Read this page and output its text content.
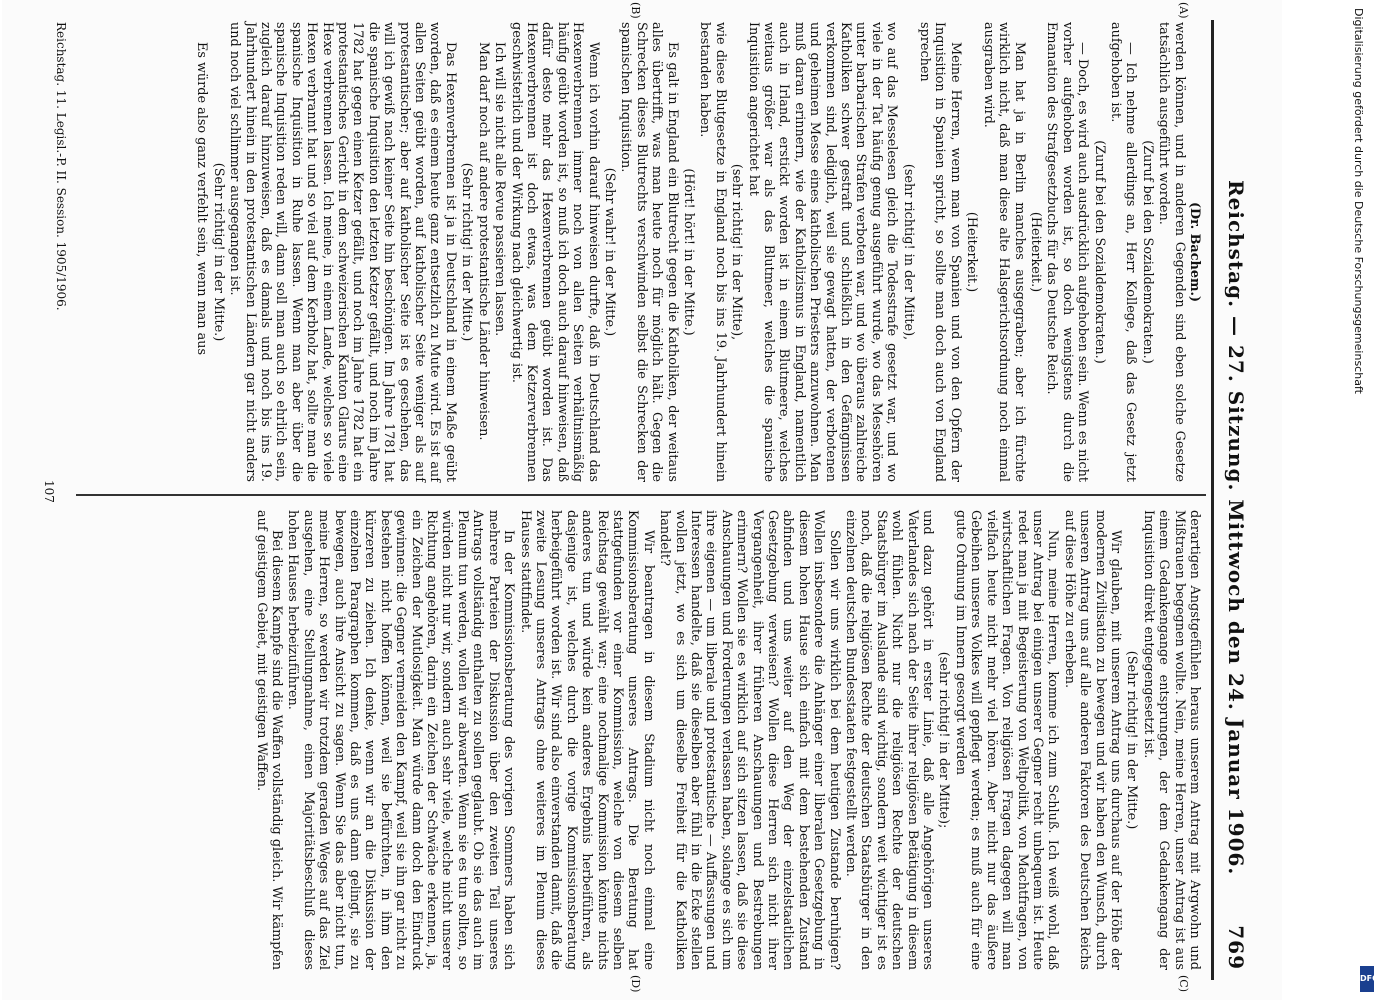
Reichstag. — 27. Sitzung. Mittwoch den 24. Januar 1906.
769
(A)
(B)
(C)
(D)
(Dr. Bachem.)

werden können, und in anderen Gegenden sind eben solche Gesetze tatsächlich ausgeführt worden.

(Zuruf bei den Sozialdemokraten.)

— Ich nehme allerdings an, Herr Kollege, daß das Gesetz jetzt aufgehoben ist.

(Zuruf bei den Sozialdemokraten.)

— Doch, es wird auch ausdrücklich aufgehoben sein. Wenn es nicht vorher aufgehoben worden ist, so doch wenigstens durch die Emanation des Strafgesetzbuchs für das Deutsche Reich.

(Heiterkeit.)

Man hat ja in Berlin manches ausgegraben; aber ich fürchte wirklich nicht, daß man diese alte Halsgerichtsordnung noch einmal ausgraben wird.

(Heiterkeit.)

Meine Herren, wenn man von Spanien und von den Opfern der Inquisition in Spanien spricht, so sollte man doch auch von England sprechen

(sehr richtig! in der Mitte),

wo auf das Messelesen gleich die Todesstrafe gesetzt war, und wo viele in der Tat häufig genug ausgeführt wurde, wo das Messehören unter barbarischen Strafen verboten war, und wo überaus zahlreiche Katholiken schwer gestraft und schließlich in den Gefängnissen verkommen sind, lediglich, weil sie gewagt hatten, der verbotenen und geheimen Messe eines katholischen Priesters anzuwohnen. Man muß daran erinnern, wie der Katholizismus in England, namentlich auch in Irland, erstickt worden ist in einem Blutmeere, welches weitaus größer war als das Blutmeer, welches die spanische Inquisition angerichtet hat

(sehr richtig! in der Mitte),

wie diese Blutgesetze in England noch bis ins 19. Jahrhundert hinein bestanden haben.

(Hört! hört! in der Mitte.)

Es galt in England ein Blutrecht gegen die Katholiken, der weitaus alles übertrifft, was man heute noch für möglich hält. Gegen die Schrecken dieses Blutrechts verschwinden selbst die Schrecken der spanischen Inquisition.

(Sehr wahr! in der Mitte.)

Wenn ich vorhin darauf hinweisen durfte, daß in Deutschland das Hexenverbrennen immer noch von allen Seiten verhältnismäßig häufig geübt worden ist, so muß ich doch auch darauf hinweisen, daß dafür desto mehr das Hexenverbrennen geübt worden ist. Das Hexenverbrennen ist doch etwas, was dem Ketzerverbrennen geschwisterlich und der Wirkung nach gleichwertig ist.

Ich will sie nicht alle Revue passieren lassen.

Man darf noch auf andere protestantische Länder hinweisen.

(Sehr richtig! in der Mitte.)

Das Hexenverbrennen ist ja in Deutschland in einem Maße geübt worden, daß es einem heute ganz entsetzlich zu Mute wird. Es ist auf allen Seiten geübt worden, auf katholischer Seite weniger als auf protestantischer; aber auf katholischer Seite ist es geschehen, das will ich gewiß nach keiner Seite hin beschönigen. Im Jahre 1781 hat die spanische Inquisition den letzten Ketzer gefällt, und noch im Jahre 1782 hat gegen einen Ketzer gefällt, und noch im Jahre 1782 hat ein protestantisches Gericht in dem schweizerischen Kanton Glarus eine Hexe verbrennen lassen. Ich meine, in einem Lande, welches so viele Hexen verbrannt hat und so viel auf dem Kerbholz hat, sollte man die spanische Inquisition in Ruhe lassen. Wenn man aber über die spanische Inquisition reden will, dann soll man auch so ehrlich sein, zugleich darauf hinzuweisen, daß es damals und noch bis ins 19. Jahrhundert hinein in den protestantischen Ländern gar nicht anders und noch viel schlimmer ausgegangen ist.

(Sehr richtig! in der Mitte.)

Es würde also ganz verfehlt sein, wenn man aus

derartigen Angstgefühlen heraus unserem Antrag mit Argwohn und Mißtrauen begegnen wollte. Nein, meine Herren, unser Antrag ist aus einem Gedankengange entsprungen, der dem Gedankengang der Inquisition direkt entgegengesetzt ist.

(Sehr richtig! in der Mitte.)

Wir glauben, mit unserem Antrag uns durchaus auf der Höhe der modernen Zivilisation zu bewegen und wir haben den Wunsch, durch unseren Antrag uns auf alle anderen Faktoren des Deutschen Reichs auf diese Höhe zu erheben.

Nun, meine Herren, komme ich zum Schluß. Ich weiß wohl, daß unser Antrag bei einigen unserer Gegner recht unbequem ist. Heute redet man ja mit Begeisterung von Weltpolitik, von Machtfragen, von wirtschaftlichen Fragen. Von religiösen Fragen dagegen will man vielfach heute nicht mehr viel hören. Aber nicht nur das äußere Gebeihen unseres Volkes will gepflegt werden; es muß auch für eine gute Ordnung im Innern gesorgt werden

(sehr richtig! in der Mitte);

und dazu gehört in erster Linie, daß alle Angehörigen unseres Vaterlandes sich nach der Seite ihrer religiösen Betätigung in diesem wohl fühlen. Nicht nur die religiösen Rechte der deutschen Staatsbürger im Auslande sind wichtig, sondern weit wichtiger ist es noch, daß die religiösen Rechte der deutschen Staatsbürger in den einzelnen deutschen Bundesstaaten festgestellt werden.

Sollen wir uns wirklich bei dem heutigen Zustande beruhigen? Wollen insbesondere die Anhänger einer liberalen Gesetzgebung in diesem hohen Hause sich einfach mit dem bestehenden Zustand abfinden und uns weiter auf den Weg der einzelstaatlichen Gesetzgebung verweisen? Wollen diese Herren sich nicht ihrer Vergangenheit, ihrer früheren Anschauungen und Bestrebungen erinnern? Wollen sie es wirklich auf sich sitzen lassen, daß sie diese Anschauungen und Forderungen verlassen haben, solange es sich um ihre eigenen — um liberale und protestantische — Auffassungen und Interessen handelte, daß sie dieselben aber fühl in die Ecke stellen wollen jetzt, wo es sich um dieselbe Freiheit für die Katholiken handelt?

Wir beantragen in diesem Stadium nicht noch einmal eine Kommissionsberatung unseres Antrags. Die Beratung hat stattgefunden vor einer Kommission, welche von diesem selben Reichstag gewählt war; eine nochmalige Kommission könnte nichts anderes tun und würde kein anderes Ergebnis herbeiführen, als dasjenige ist, welches durch die vorige Kommissionsberatung herbeigeführt worden ist. Wir sind also einverstanden damit, daß die zweite Lesung unseres Antrags ohne weiteres im Plenum dieses Hauses stattfindet.

In der Kommissionsberatung des vorigen Sommers haben sich mehrere Parteien der Diskussion über den zweiten Teil unseres Antrags vollständig enthalten zu sollen geglaubt. Ob sie das auch im Plenum tun werden, wollen wir abwarten. Wenn sie es tun sollten, so würden nicht nur wir, sondern auch sehr viele, welche nicht unserer Richtung angehören, darin ein Zeichen der Schwäche erkennen, ja, ein Zeichen der Mutlosigkeit. Man würde dann doch den Eindruck gewinnen: die Gegner vermeiden den Kampf, weil sie ihn gar nicht zu bestehen nicht hoffen können, weil sie befürchten, in ihm den kürzeren zu ziehen. Ich denke, wenn wir an die Diskussion der einzelnen Paragraphen kommen, daß es uns dann gelingt, sie zu bewegen, auch ihre Ansicht zu sagen. Wenn Sie das aber nicht tun, meine Herren, so werden wir trotzdem geraden Weges auf das Ziel ausgehen, eine Stellungnahme, einen Majoritätsbeschluß dieses hohen Hauses herbeizuführen.

Bei diesem Kampfe sind die Waffen vollständig gleich. Wir kämpfen auf geistigem Gebiet, mit geistigen Waffen.

Reichstag. 11. Legisl.-P. II. Session. 1905/1906.
107
Digitalisierung gefördert durch die Deutsche Forschungsgemeinschaft
DFG
